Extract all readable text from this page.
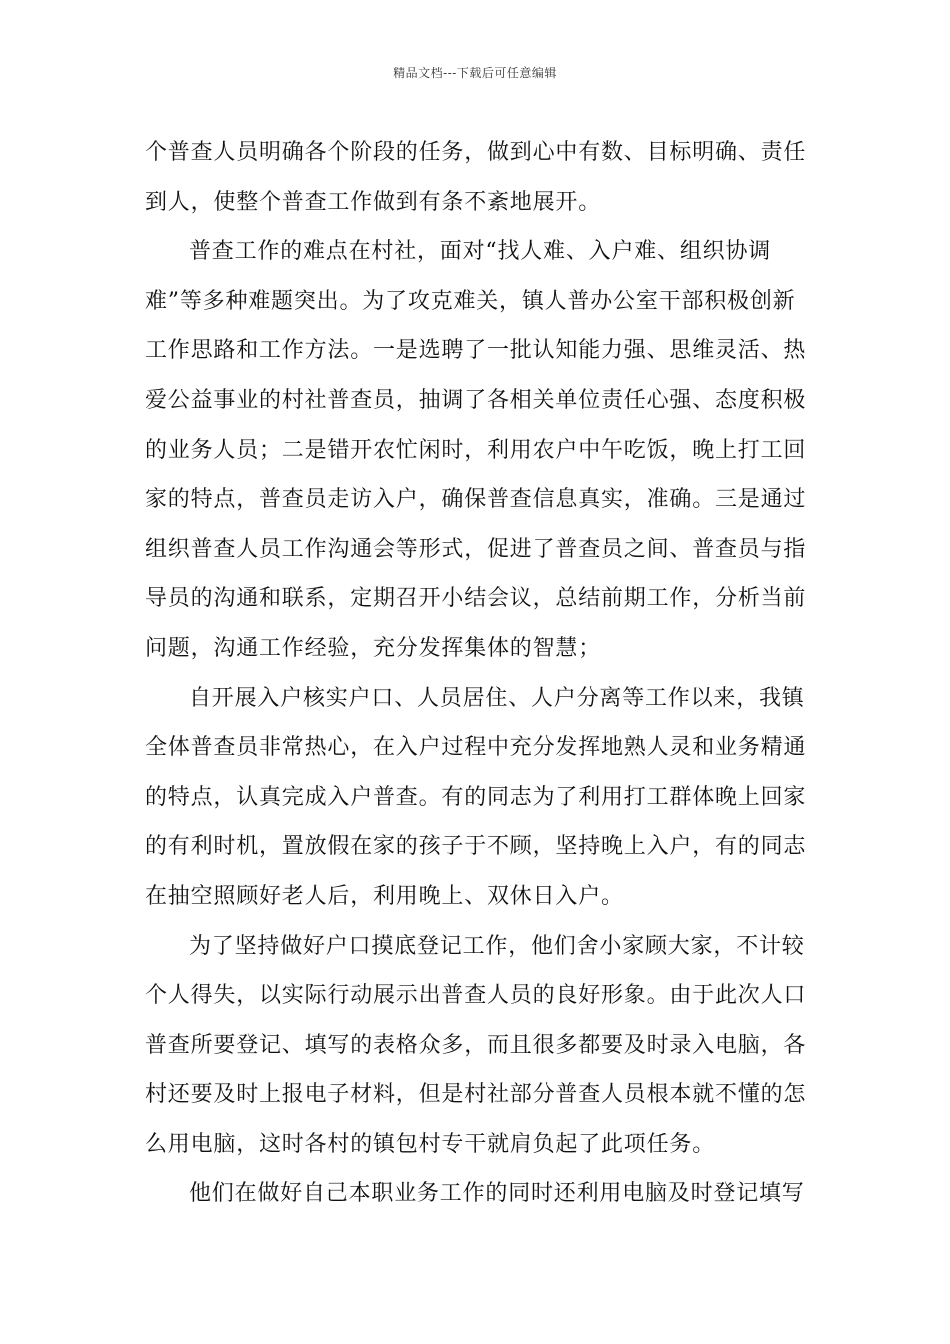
精品文档---下载后可任意编辑
个普查人员明确各个阶段的任务，做到心中有数、目标明确、责任
到人，使整个普查工作做到有条不紊地展开。
普查工作的难点在村社，面对“找人难、入户难、组织协调
难”等多种难题突出。为了攻克难关，镇人普办公室干部积极创新
工作思路和工作方法。一是选聘了一批认知能力强、思维灵活、热
爱公益事业的村社普查员，抽调了各相关单位责任心强、态度积极
的业务人员；二是错开农忙闲时，利用农户中午吃饭，晚上打工回
家的特点，普查员走访入户，确保普查信息真实，准确。三是通过
组织普查人员工作沟通会等形式，促进了普查员之间、普查员与指
导员的沟通和联系，定期召开小结会议，总结前期工作，分析当前
问题，沟通工作经验，充分发挥集体的智慧；
自开展入户核实户口、人员居住、人户分离等工作以来，我镇
全体普查员非常热心，在入户过程中充分发挥地熟人灵和业务精通
的特点，认真完成入户普查。有的同志为了利用打工群体晚上回家
的有利时机，置放假在家的孩子于不顾，坚持晚上入户，有的同志
在抽空照顾好老人后，利用晚上、双休日入户。
为了坚持做好户口摸底登记工作，他们舍小家顾大家，不计较
个人得失，以实际行动展示出普查人员的良好形象。由于此次人口
普查所要登记、填写的表格众多，而且很多都要及时录入电脑，各
村还要及时上报电子材料，但是村社部分普查人员根本就不懂的怎
么用电脑，这时各村的镇包村专干就肩负起了此项任务。
他们在做好自己本职业务工作的同时还利用电脑及时登记填写
